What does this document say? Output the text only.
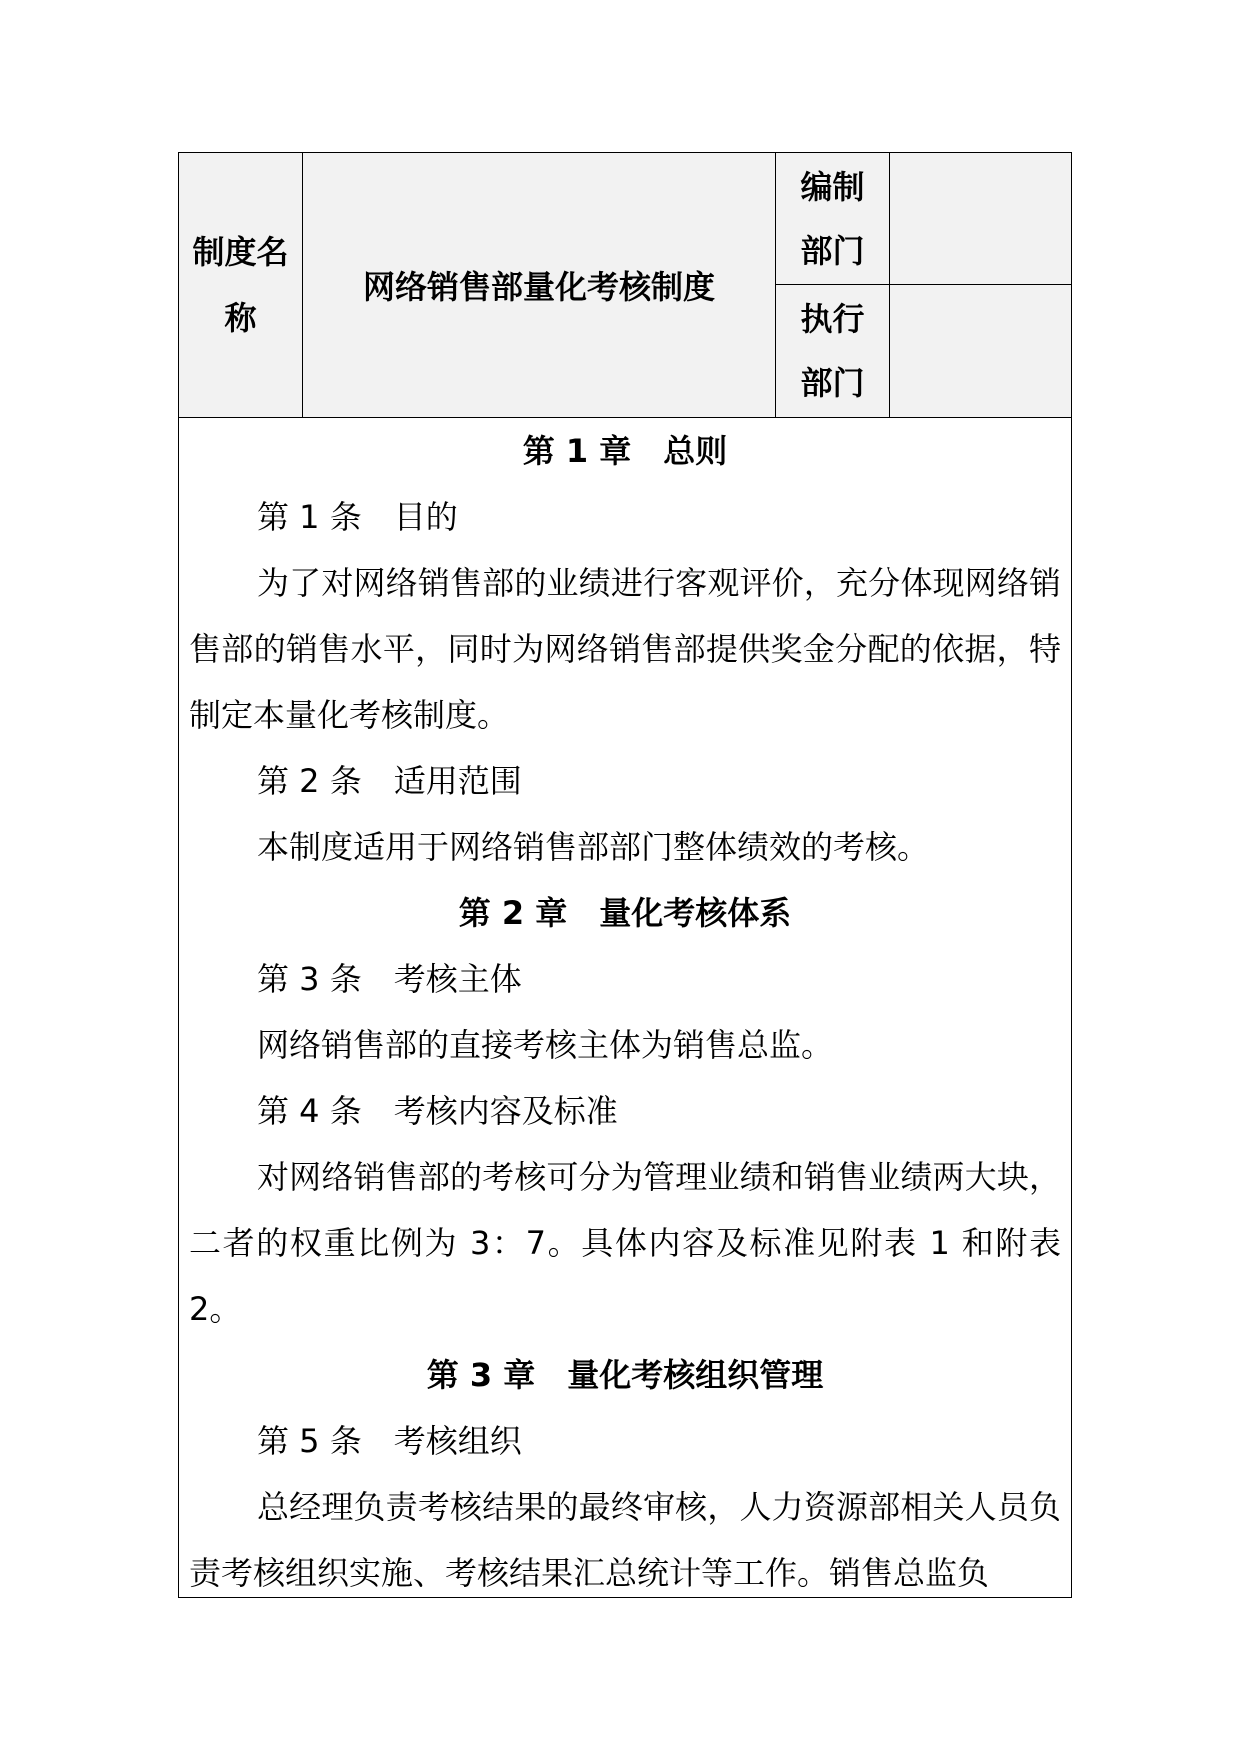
制度名称
网络销售部量化考核制度
编制部门
执行部门
第 1 章　总则
第 1 条　目的
为了对网络销售部的业绩进行客观评价，充分体现网络销售部的销售水平，同时为网络销售部提供奖金分配的依据，特制定本量化考核制度。
第 2 条　适用范围
本制度适用于网络销售部部门整体绩效的考核。
第 2 章　量化考核体系
第 3 条　考核主体
网络销售部的直接考核主体为销售总监。
第 4 条　考核内容及标准
对网络销售部的考核可分为管理业绩和销售业绩两大块，二者的权重比例为 3：7。具体内容及标准见附表 1 和附表 2。
第 3 章　量化考核组织管理
第 5 条　考核组织
总经理负责考核结果的最终审核，人力资源部相关人员负责考核组织实施、考核结果汇总统计等工作。销售总监负
